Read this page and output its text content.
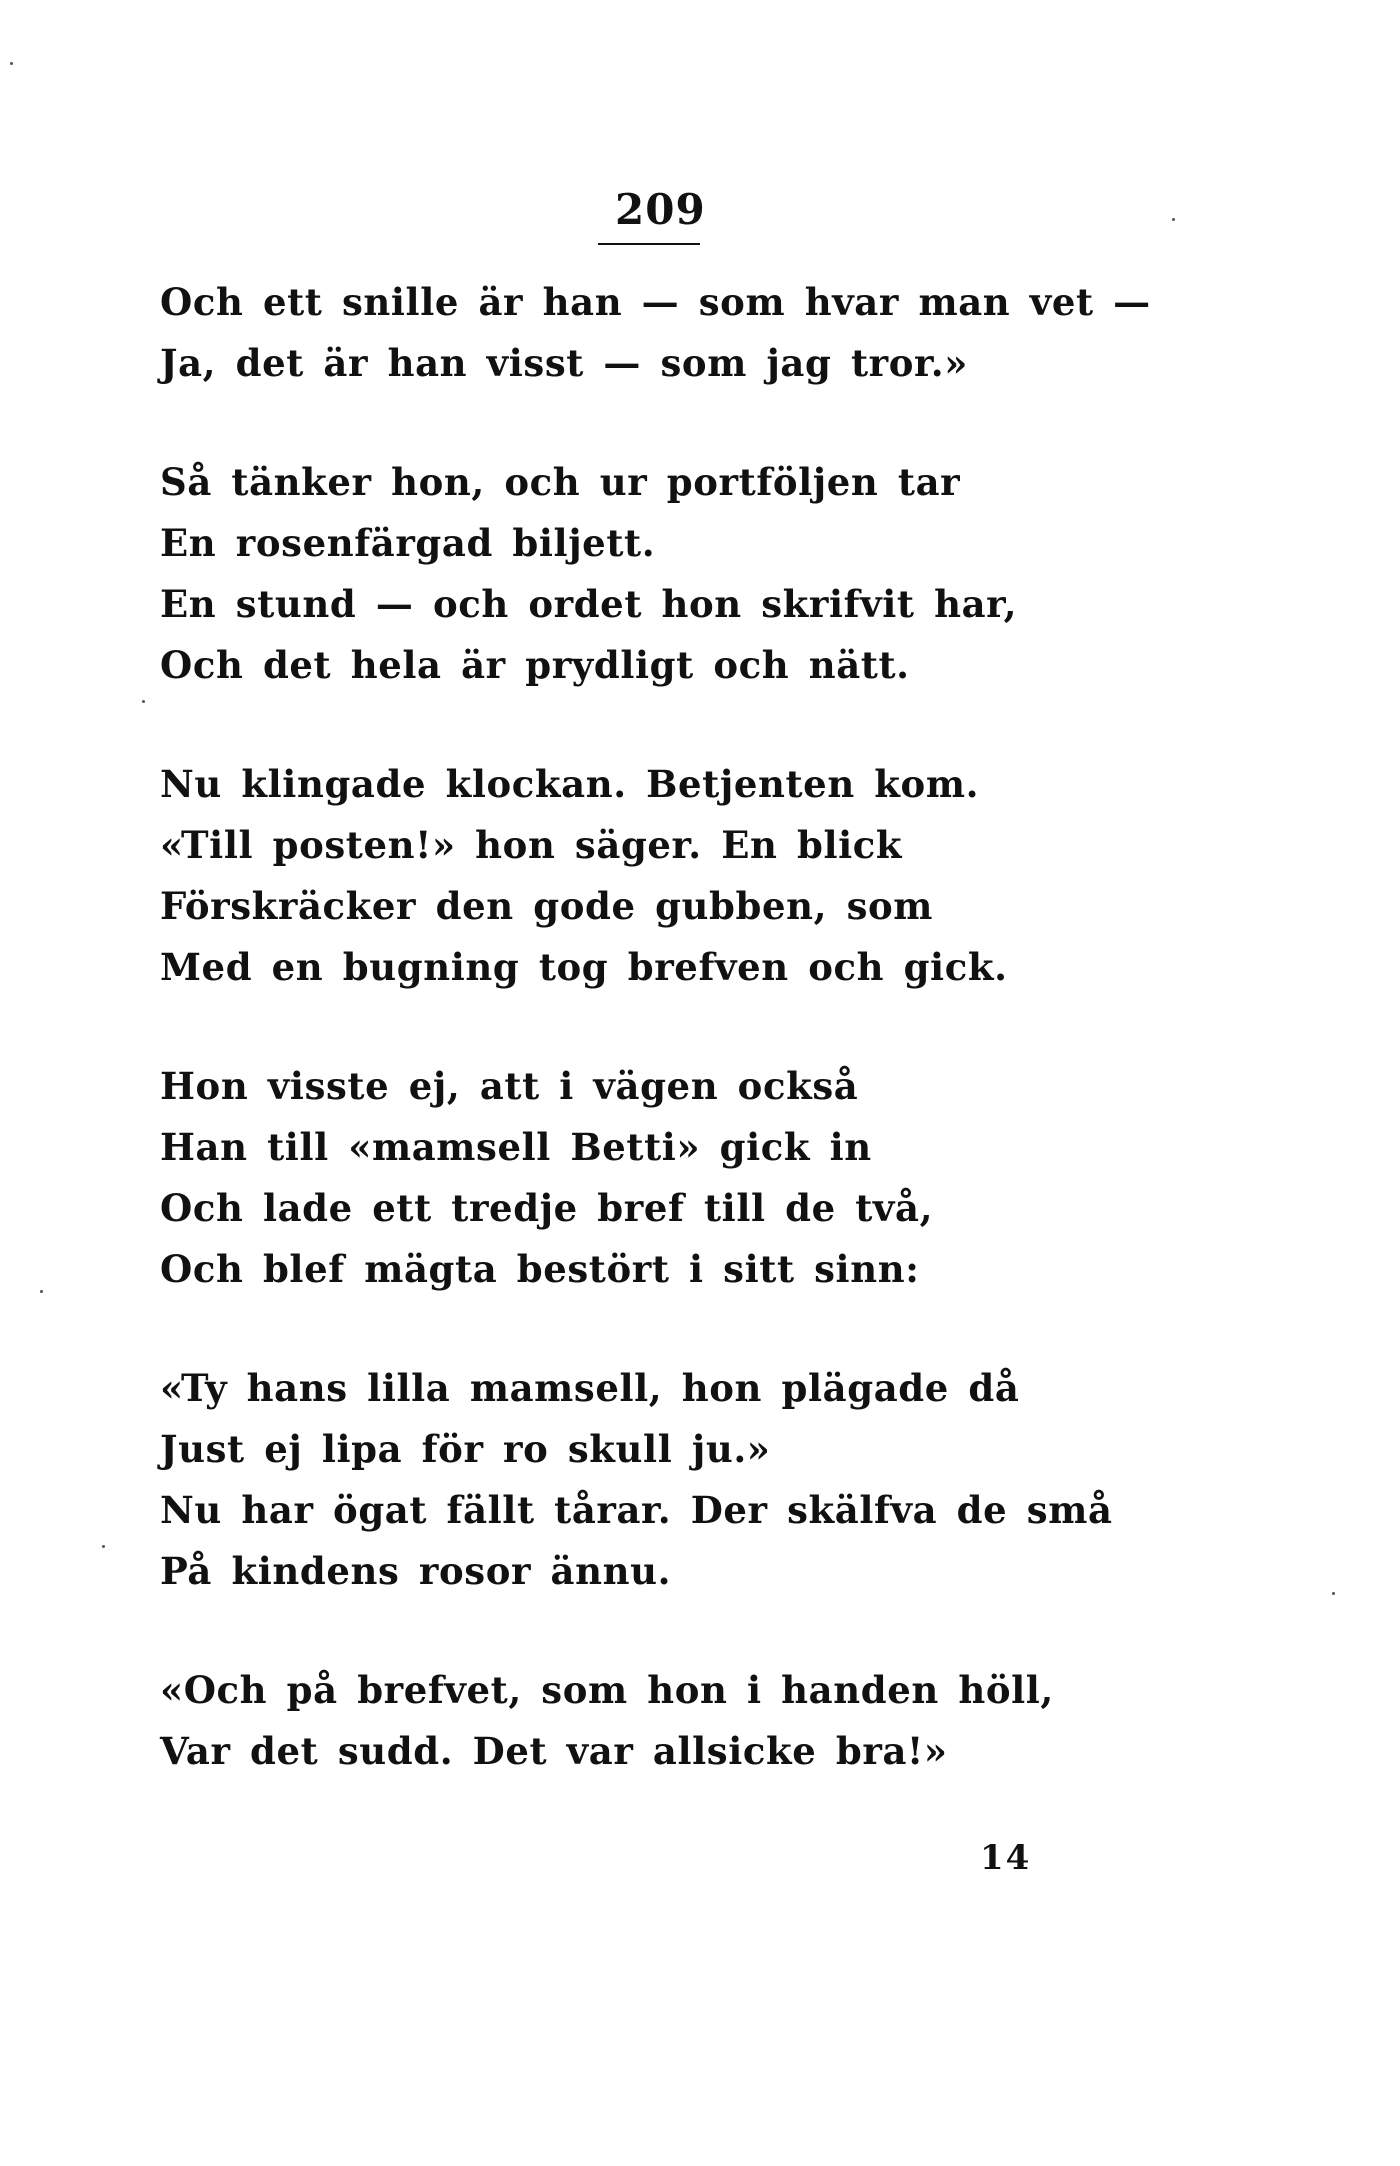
209
Och ett snille är han — som hvar man vet —
Ja, det är han visst — som jag tror.»
Så tänker hon, och ur portföljen tar
En rosenfärgad biljett.
En stund — och ordet hon skrifvit har,
Och det hela är prydligt och nätt.
Nu klingade klockan. Betjenten kom.
«Till posten!» hon säger. En blick
Förskräcker den gode gubben, som
Med en bugning tog brefven och gick.
Hon visste ej, att i vägen också
Han till «mamsell Betti» gick in
Och lade ett tredje bref till de två,
Och blef mägta bestört i sitt sinn:
«Ty hans lilla mamsell, hon plägade då
Just ej lipa för ro skull ju.»
Nu har ögat fällt tårar. Der skälfva de små
På kindens rosor ännu.
«Och på brefvet, som hon i handen höll,
Var det sudd. Det var allsicke bra!»
14
